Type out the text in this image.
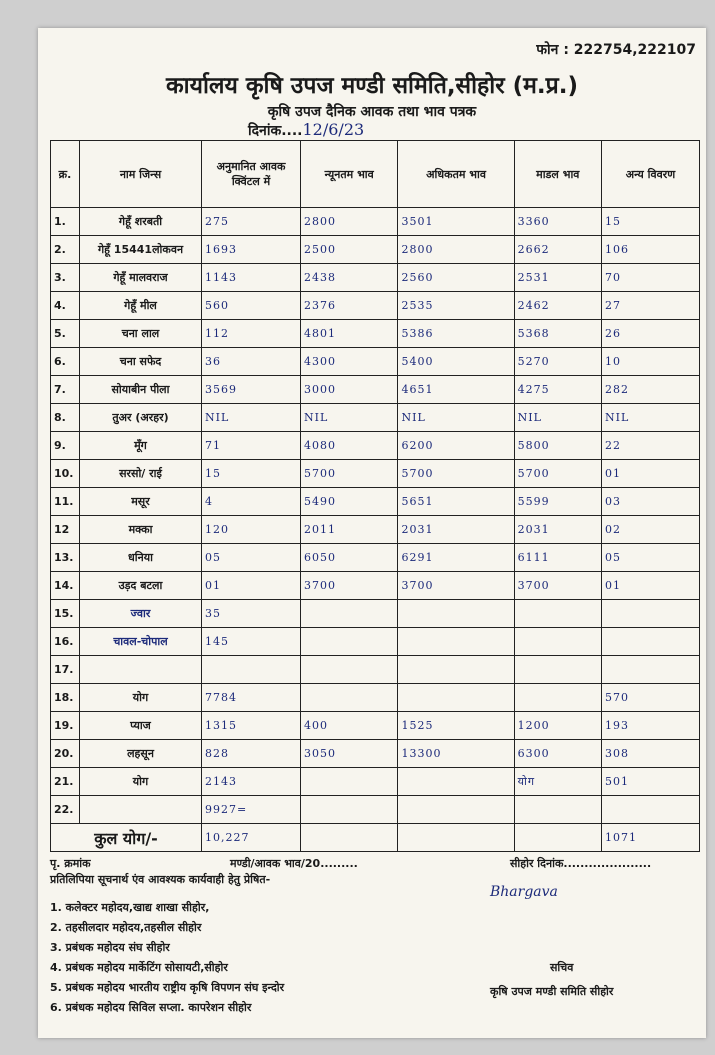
फोन : 222754,222107
कार्यालय कृषि उपज मण्डी समिति,सीहोर (म.प्र.)
कृषि उपज दैनिक आवक तथा भाव पत्रक
दिनांक....12/6/23
क्र.	नाम जिन्स	अनुमानित आवक क्विंटल में	न्यूनतम भाव	अधिकतम भाव	माडल भाव	अन्य विवरण
1.	गेहूँ शरबती	275	2800	3501	3360	15
2.	गेहूँ 15441लोकवन	1693	2500	2800	2662	106
3.	गेहूँ मालवराज	1143	2438	2560	2531	70
4.	गेहूँ मील	560	2376	2535	2462	27
5.	चना लाल	112	4801	5386	5368	26
6.	चना सफेद	36	4300	5400	5270	10
7.	सोयाबीन पीला	3569	3000	4651	4275	282
8.	तुअर (अरहर)	NIL	NIL	NIL	NIL	NIL
9.	मूँग	71	4080	6200	5800	22
10.	सरसो/ राई	15	5700	5700	5700	01
11.	मसूर	4	5490	5651	5599	03
12	मक्का	120	2011	2031	2031	02
13.	धनिया	05	6050	6291	6111	05
14.	उड़द बटला	01	3700	3700	3700	01
15.	ज्वार	35				
16.	चावल-चोपाल	145				
17.						
18.	योग	7784				570
19.	प्याज	1315	400	1525	1200	193
20.	लहसून	828	3050	13300	6300	308
21.	योग	2143			योग	501
22.		9927=				
कुल योग/-		10,227				1071
पृ. क्रमांक	मण्डी/आवक भाव/20.........	सीहोर दिनांक.....................
प्रतिलिपिया सूचनार्थ एंव आवश्यक कार्यवाही हेतु प्रेषित-
Bhargava
1. कलेक्टर महोदय,खाद्य शाखा सीहोर,
2. तहसीलदार महोदय,तहसील सीहोर
3. प्रबंधक महोदय संघ सीहोर
4. प्रबंधक महोदय मार्केटिंग सोसायटी,सीहोर
5. प्रबंधक महोदय भारतीय राष्ट्रीय कृषि विपणन संघ इन्दोर
6. प्रबंधक महोदय सिविल सप्ला. कापरेशन सीहोर
सचिव
कृषि उपज मण्डी समिति सीहोर
